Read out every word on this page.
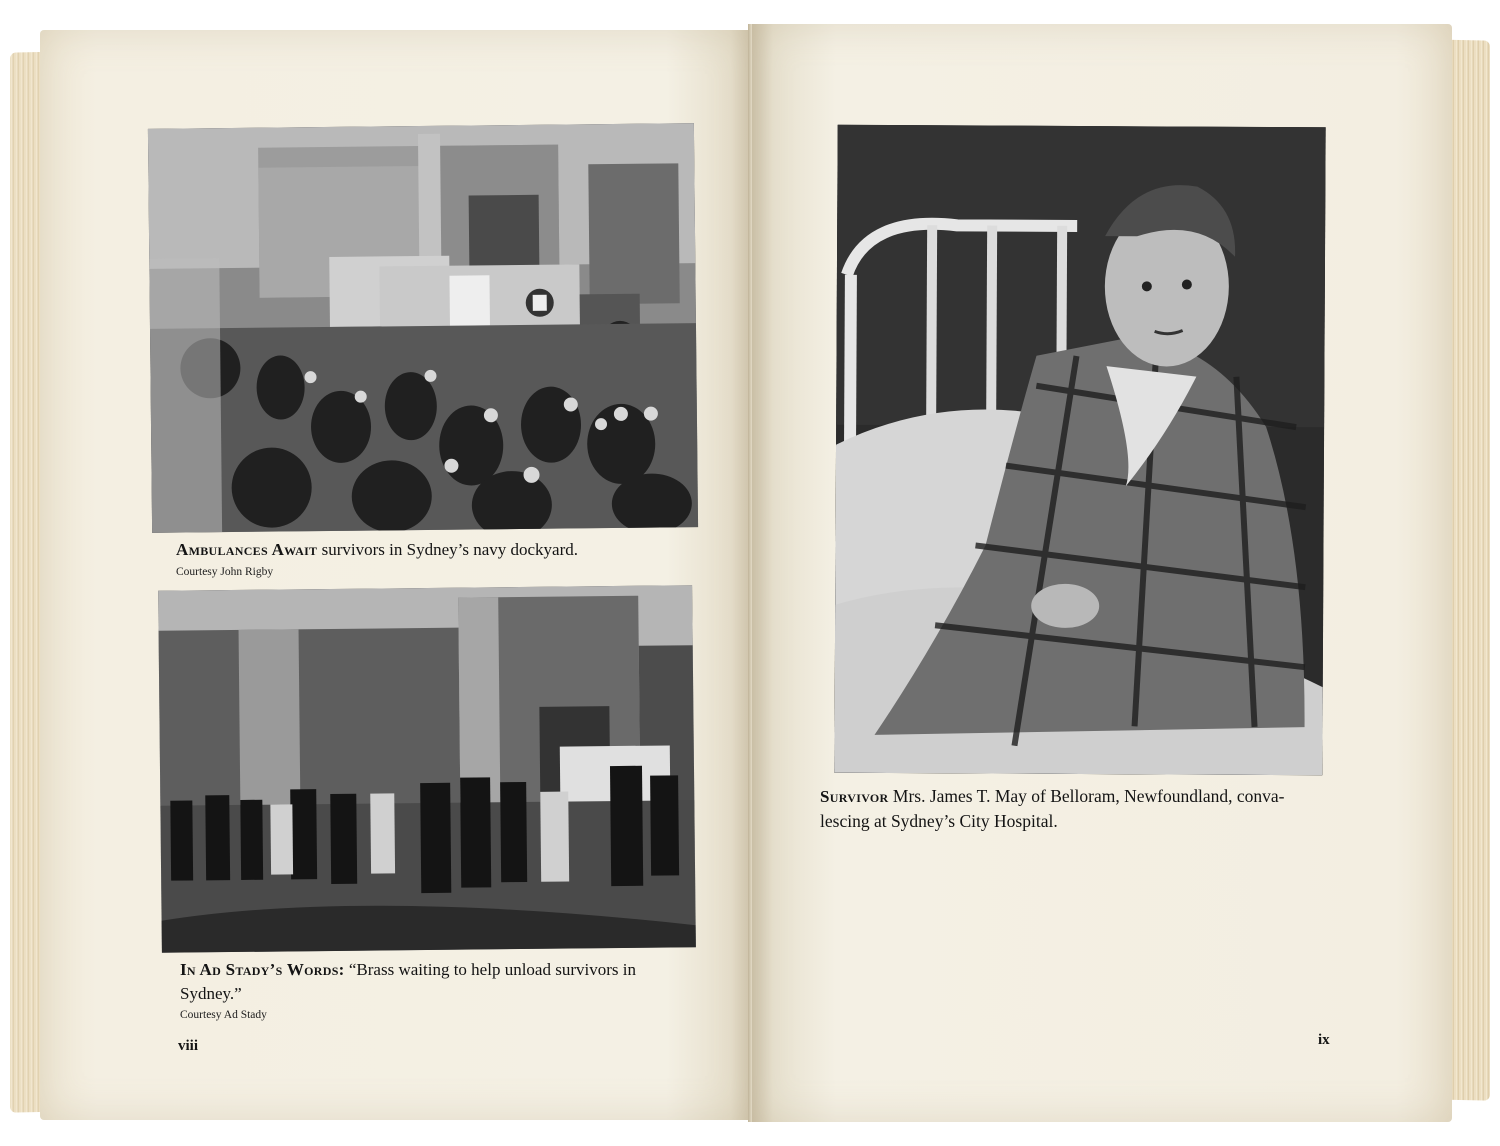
Ambulances Await survivors in Sydney’s navy dockyard.
Courtesy John Rigby
In Ad Stady’s Words: “Brass waiting to help unload survivors in
Sydney.”
Courtesy Ad Stady
viii
Survivor Mrs. James T. May of Belloram, Newfoundland, conva-
lescing at Sydney’s City Hospital.
ix
